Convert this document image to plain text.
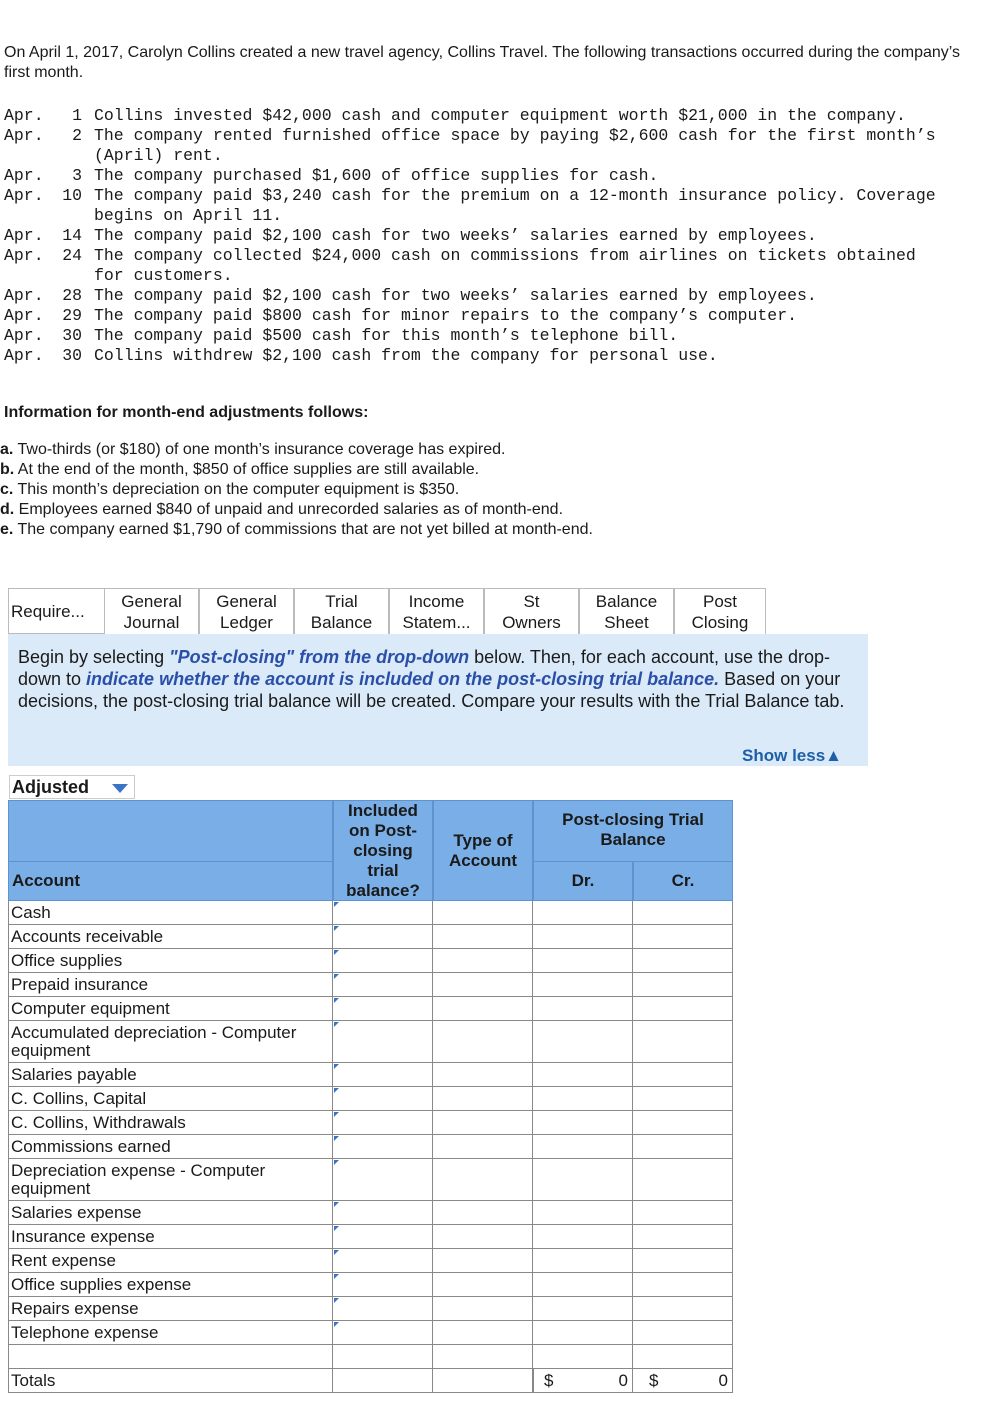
On April 1, 2017, Carolyn Collins created a new travel agency, Collins Travel. The following transactions occurred during the company’s first month.
Apr.	1 Collins invested $42,000 cash and computer equipment worth $21,000 in the company.
Apr.	2 The company rented furnished office space by paying $2,600 cash for the first month’s (April) rent.
Apr.	3 The company purchased $1,600 of office supplies for cash.
Apr.	10 The company paid $3,240 cash for the premium on a 12-month insurance policy. Coverage begins on April 11.
Apr.	14 The company paid $2,100 cash for two weeks’ salaries earned by employees.
Apr.	24 The company collected $24,000 cash on commissions from airlines on tickets obtained for customers.
Apr.	28 The company paid $2,100 cash for two weeks’ salaries earned by employees.
Apr.	29 The company paid $800 cash for minor repairs to the company’s computer.
Apr.	30 The company paid $500 cash for this month’s telephone bill.
Apr.	30 Collins withdrew $2,100 cash from the company for personal use.
Information for month-end adjustments follows:
a. Two-thirds (or $180) of one month’s insurance coverage has expired.
b. At the end of the month, $850 of office supplies are still available.
c. This month’s depreciation on the computer equipment is $350.
d. Employees earned $840 of unpaid and unrecorded salaries as of month-end.
e. The company earned $1,790 of commissions that are not yet billed at month-end.
Require...
General
Journal
General
Ledger
Trial
Balance
Income
Statem...
St
Owners
Balance
Sheet
Post
Closing

Begin by selecting "Post-closing" from the drop-down below. Then, for each account, use the drop-down to indicate whether the account is included on the post-closing trial balance. Based on your decisions, the post-closing trial balance will be created. Compare your results with the Trial Balance tab.

Show less▲
Adjusted
Account
Included on Post-closing trial balance?
Type of Account
Post-closing Trial Balance
Dr.	Cr.
Cash
Accounts receivable
Office supplies
Prepaid insurance
Computer equipment
Accumulated depreciation - Computer equipment
Salaries payable
C. Collins, Capital
C. Collins, Withdrawals
Commissions earned
Depreciation expense - Computer equipment
Salaries expense
Insurance expense
Rent expense
Office supplies expense
Repairs expense
Telephone expense
Totals	$	0 $	0
